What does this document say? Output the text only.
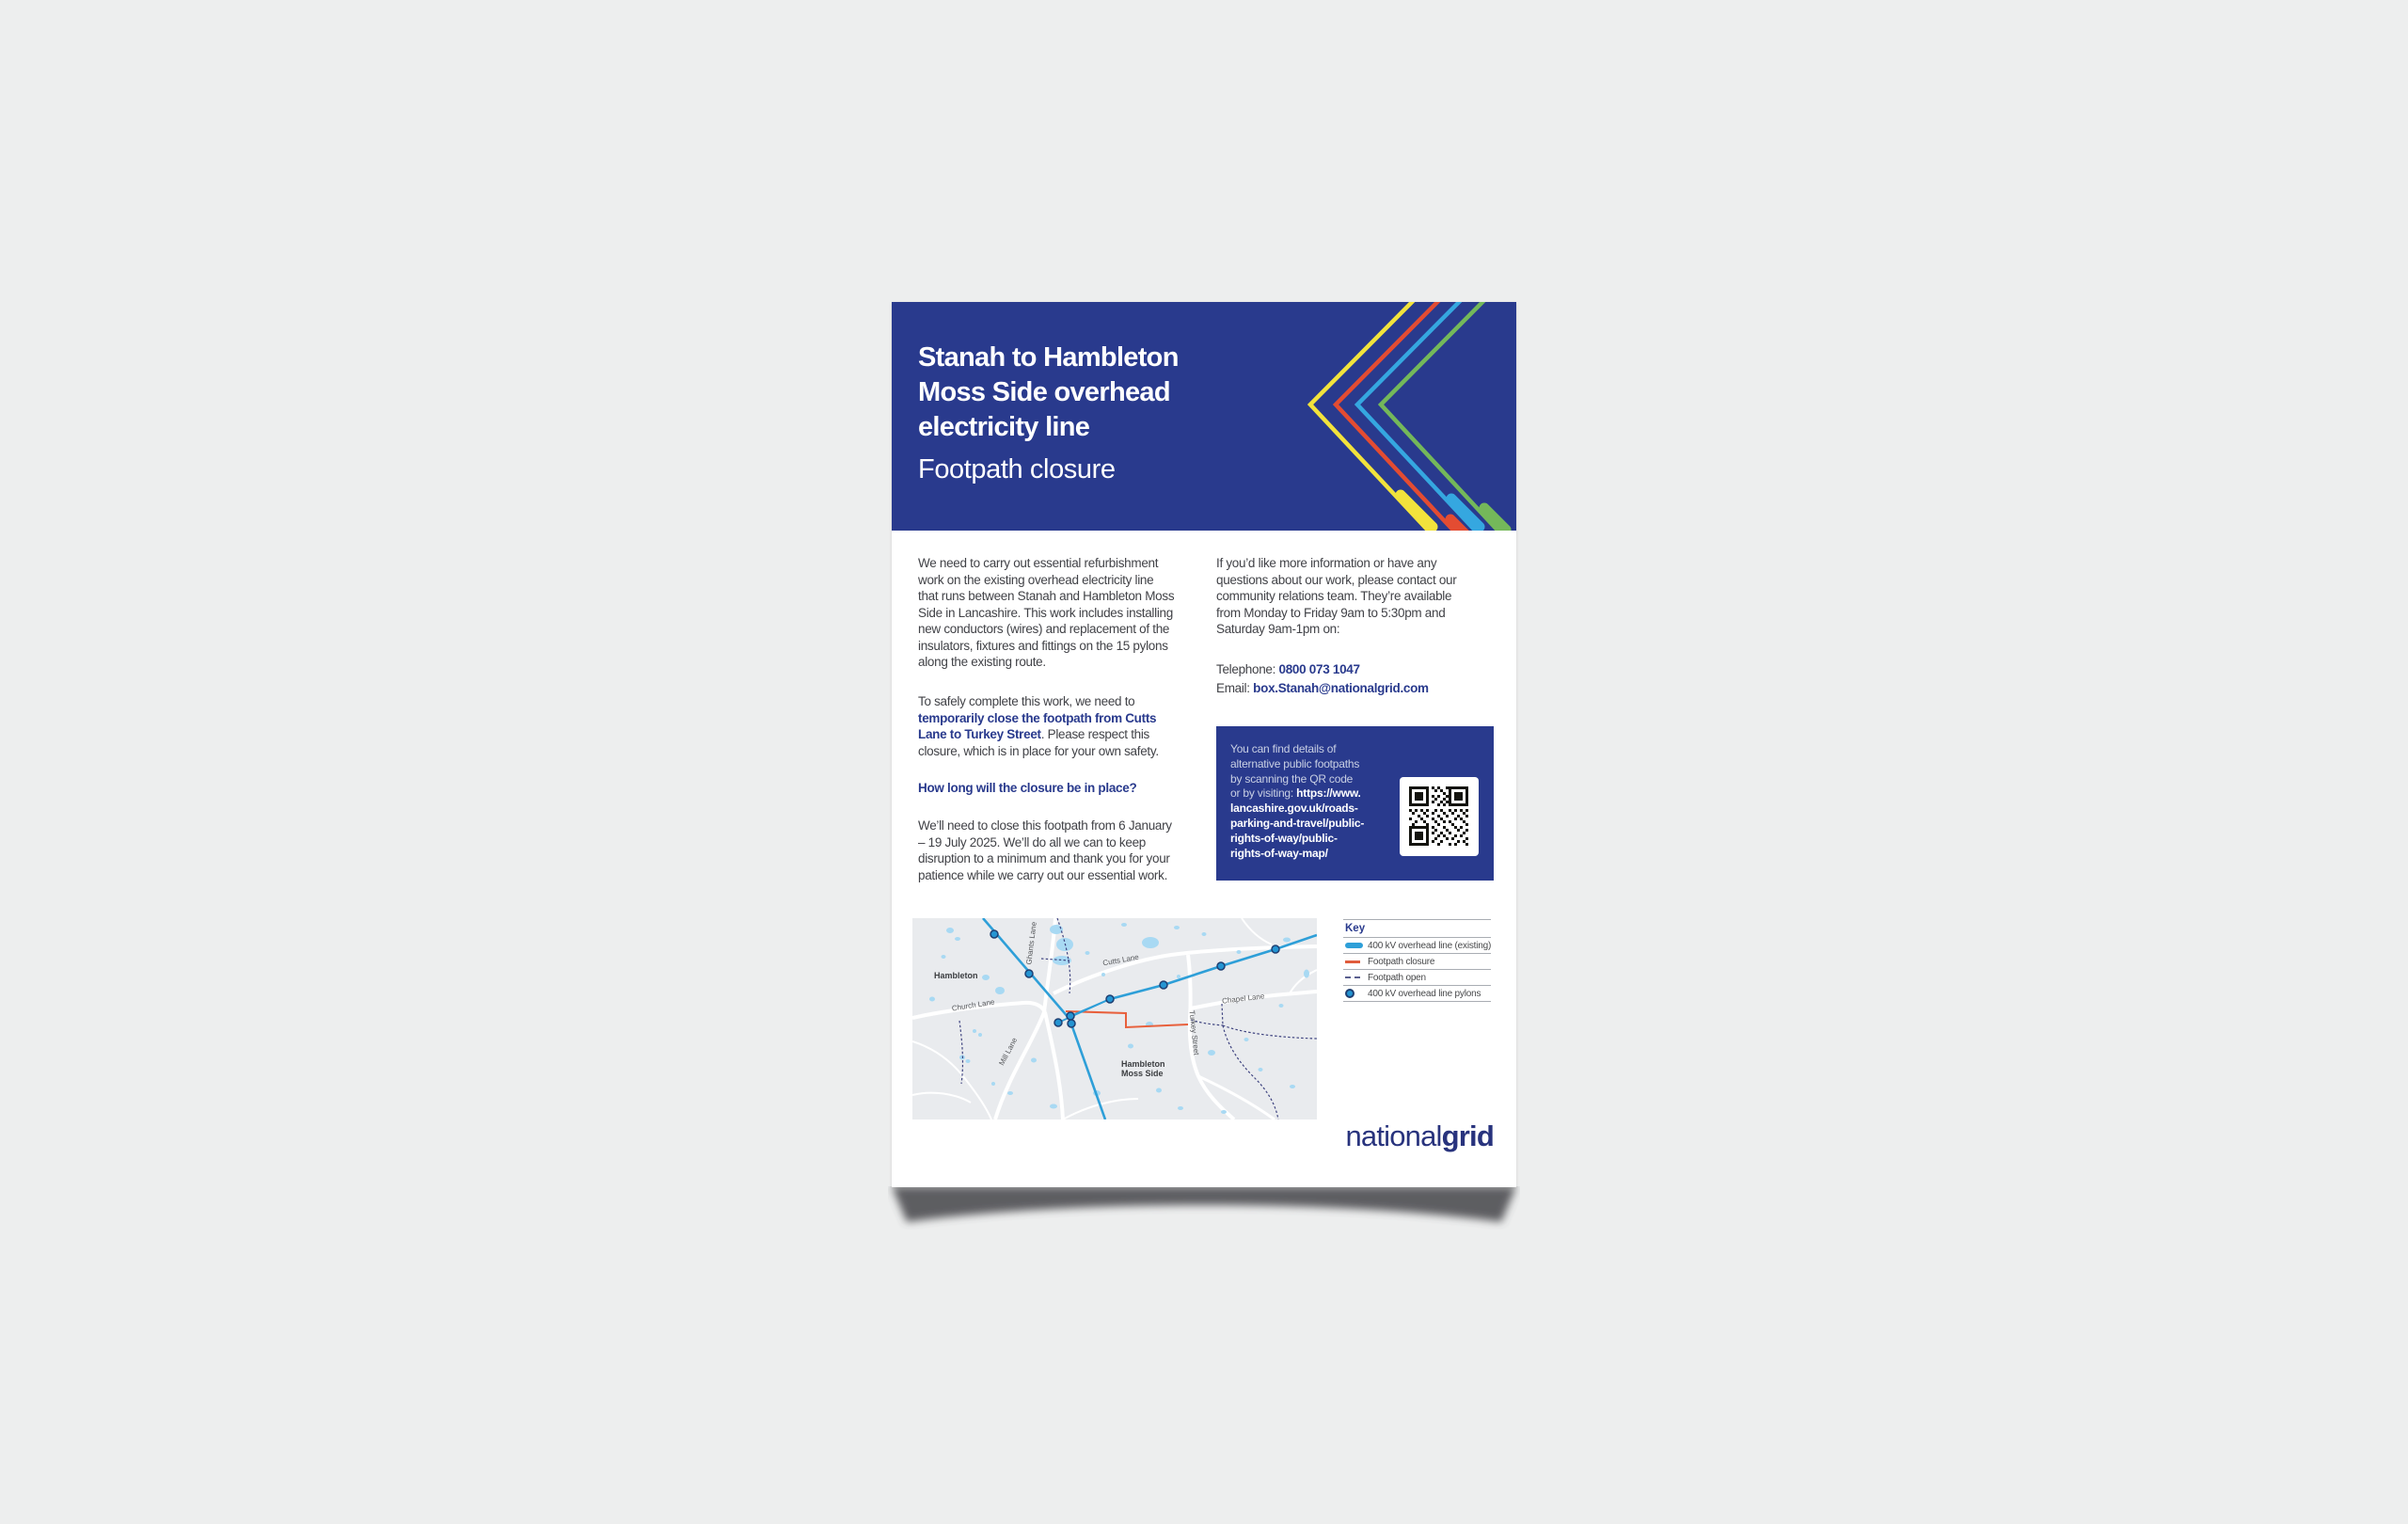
Stanah to Hambleton
Moss Side overhead
electricity line
Footpath closure
We need to carry out essential refurbishment
work on the existing overhead electricity line
that runs between Stanah and Hambleton Moss
Side in Lancashire. This work includes installing
new conductors (wires) and replacement of the
insulators, fixtures and fittings on the 15 pylons
along the existing route.
To safely complete this work, we need to
temporarily close the footpath from Cutts
Lane to Turkey Street. Please respect this
closure, which is in place for your own safety.
How long will the closure be in place?
We’ll need to close this footpath from 6 January
– 19 July 2025. We’ll do all we can to keep
disruption to a minimum and thank you for your
patience while we carry out our essential work.
If you’d like more information or have any
questions about our work, please contact our
community relations team. They’re available
from Monday to Friday 9am to 5:30pm and
Saturday 9am-1pm on:
Telephone: 0800 073 1047
Email: box.Stanah@nationalgrid.com
You can find details of
alternative public footpaths
by scanning the QR code
or by visiting: https://www.
lancashire.gov.uk/roads-
parking-and-travel/public-
rights-of-way/public-
rights-of-way-map/
Hambleton
Ghants Lane	Cutts Lane
Church Lane
Mill Lane
Chapel Lane
Turkey Street
Hambleton
Moss Side
Key
400 kV overhead line (existing)
Footpath closure
Footpath open
400 kV overhead line pylons
nationalgrid
